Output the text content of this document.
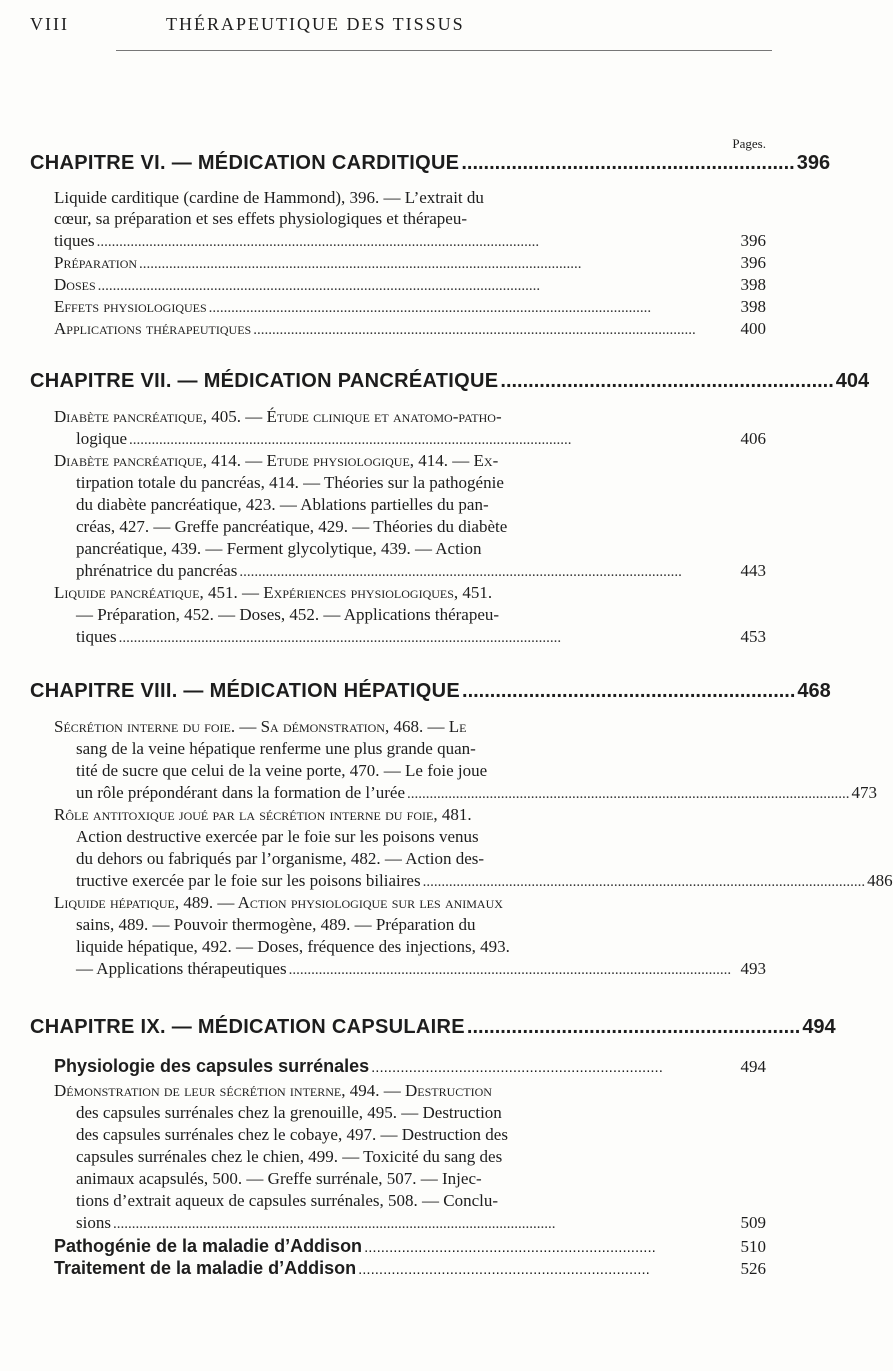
VIII	THÉRAPEUTIQUE DES TISSUS
Pages.
CHAPITRE VI. — MÉDICATION CARDITIQUE ............................................................ 396
Liquide carditique (cardine de Hammond), 396. — L’extrait du
cœur, sa préparation et ses effets physiologiques et thérapeu-
tiques ......................................................................................................................	396
Préparation ......................................................................................................................	396
Doses ......................................................................................................................	398
Effets physiologiques ......................................................................................................................	398
Applications thérapeutiques ......................................................................................................................	400
CHAPITRE VII. — MÉDICATION PANCRÉATIQUE ............................................................ 404
Diabète pancréatique, 405. — Étude clinique et anatomo-patho-
logique ......................................................................................................................	406
Diabète pancréatique, 414. — Etude physiologique, 414. — Ex-
tirpation totale du pancréas, 414. — Théories sur la pathogénie
du diabète pancréatique, 423. — Ablations partielles du pan-
créas, 427. — Greffe pancréatique, 429. — Théories du diabète
pancréatique, 439. — Ferment glycolytique, 439. — Action
phrénatrice du pancréas ......................................................................................................................	443
Liquide pancréatique, 451. — Expériences physiologiques, 451.
— Préparation, 452. — Doses, 452. — Applications thérapeu-
tiques ......................................................................................................................	453
CHAPITRE VIII. — MÉDICATION HÉPATIQUE ............................................................ 468
Sécrétion interne du foie. — Sa démonstration, 468. — Le
sang de la veine hépatique renferme une plus grande quan-
tité de sucre que celui de la veine porte, 470. — Le foie joue
un rôle prépondérant dans la formation de l’urée ...................................................................................................................... 473
Rôle antitoxique joué par la sécrétion interne du foie, 481.
Action destructive exercée par le foie sur les poisons venus
du dehors ou fabriqués par l’organisme, 482. — Action des-
tructive exercée par le foie sur les poisons biliaires ...................................................................................................................... 486
Liquide hépatique, 489. — Action physiologique sur les animaux
sains, 489. — Pouvoir thermogène, 489. — Préparation du
liquide hépatique, 492. — Doses, fréquence des injections, 493.
— Applications thérapeutiques ...................................................................................................................... 493
CHAPITRE IX. — MÉDICATION CAPSULAIRE ............................................................ 494
Physiologie des capsules surrénales ......................................................................	494
Démonstration de leur sécrétion interne, 494. — Destruction
des capsules surrénales chez la grenouille, 495. — Destruction
des capsules surrénales chez le cobaye, 497. — Destruction des
capsules surrénales chez le chien, 499. — Toxicité du sang des
animaux acapsulés, 500. — Greffe surrénale, 507. — Injec-
tions d’extrait aqueux de capsules surrénales, 508. — Conclu-
sions ......................................................................................................................	509
Pathogénie de la maladie d’Addison ......................................................................	510
Traitement de la maladie d’Addison ......................................................................	526
